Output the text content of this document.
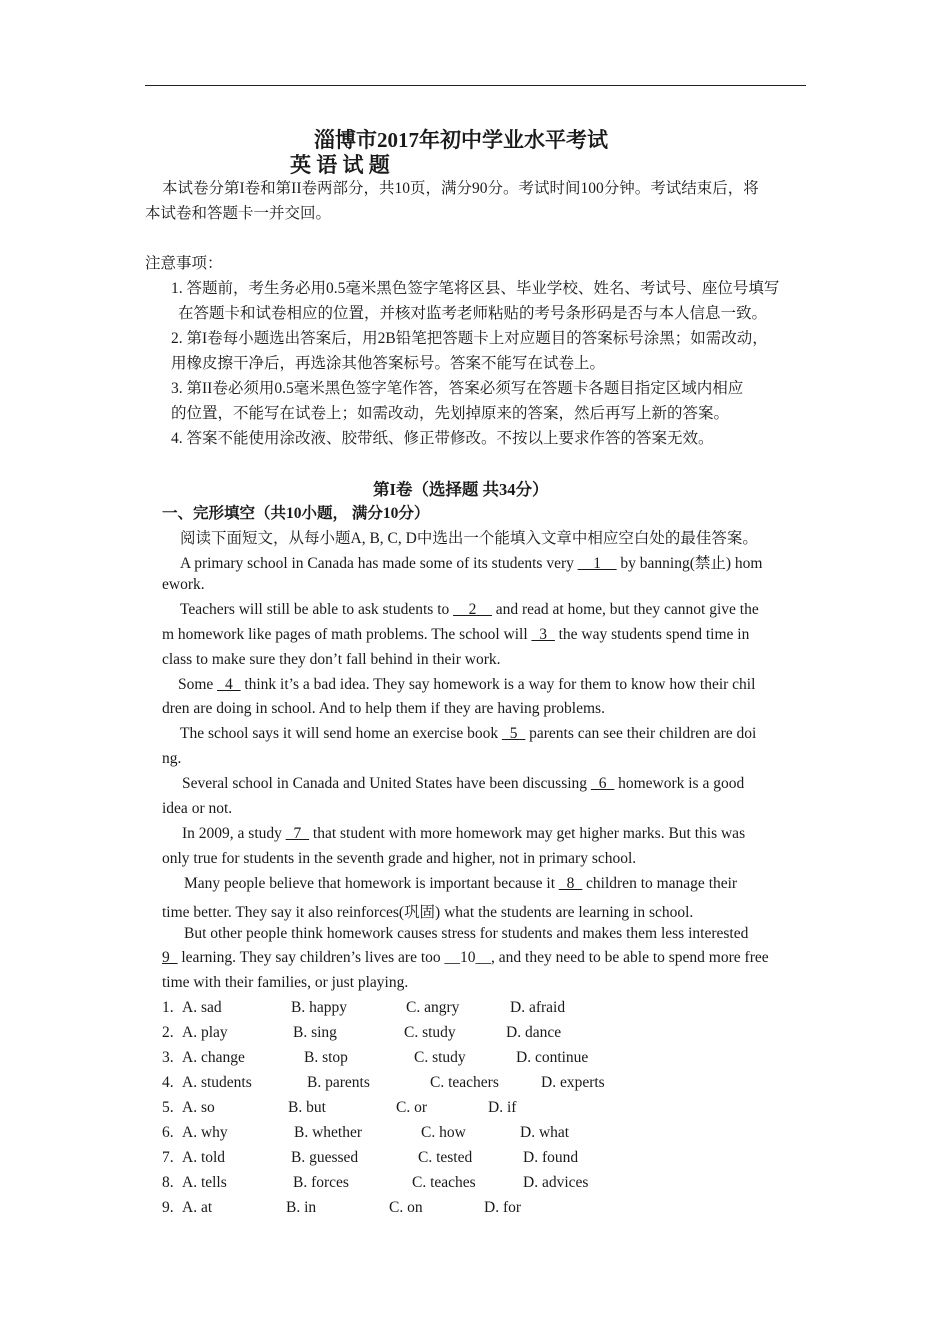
淄博市2017年初中学业水平考试
英 语 试 题
本试卷分第I卷和第II卷两部分，共10页，满分90分。考试时间100分钟。考试结束后，将
本试卷和答题卡一并交回。
注意事项：
1. 答题前，考生务必用0.5毫米黑色签字笔将区县、毕业学校、姓名、考试号、座位号填写
在答题卡和试卷相应的位置，并核对监考老师粘贴的考号条形码是否与本人信息一致。
2. 第I卷每小题选出答案后，用2B铅笔把答题卡上对应题目的答案标号涂黑；如需改动，
用橡皮擦干净后，再选涂其他答案标号。答案不能写在试卷上。
3. 第II卷必须用0.5毫米黑色签字笔作答，答案必须写在答题卡各题目指定区域内相应
的位置，不能写在试卷上；如需改动，先划掉原来的答案，然后再写上新的答案。
4. 答案不能使用涂改液、胶带纸、修正带修改。不按以上要求作答的答案无效。
第I卷（选择题 共34分）
一、完形填空（共10小题， 满分10分）
阅读下面短文，从每小题A, B, C, D中选出一个能填入文章中相应空白处的最佳答案。
A primary school in Canada has made some of its students very __1__ by banning(禁止) hom
ework.
Teachers will still be able to ask students to __2__ and read at home, but they cannot give the
m homework like pages of math problems. The school will _3_ the way students spend time in
class to make sure they don’t fall behind in their work.
Some _4_ think it’s a bad idea. They say homework is a way for them to know how their chil
dren are doing in school. And to help them if they are having problems.
The school says it will send home an exercise book _5_ parents can see their children are doi
ng.
Several school in Canada and United States have been discussing _6_ homework is a good
idea or not.
In 2009, a study _7_ that student with more homework may get higher marks. But this was
only true for students in the seventh grade and higher, not in primary school.
Many people believe that homework is important because it _8_ children to manage their
time better. They say it also reinforces(巩固) what the students are learning in school.
But other people think homework causes stress for students and makes them less interested
9_ learning. They say children’s lives are too __10__, and they need to be able to spend more free
time with their families, or just playing.
1. A. sad	B. happy	C. angry	D. afraid
2. A. play	B. sing	C. study	D. dance
3. A. change	B. stop	C. study	D. continue
4. A. students	B. parents	C. teachers	D. experts
5. A. so	B. but	C. or	D. if
6. A. why	B. whether	C. how	D. what
7. A. told	B. guessed	C. tested	D. found
8. A. tells	B. forces	C. teaches	D. advices
9. A. at	B. in	C. on	D. for
